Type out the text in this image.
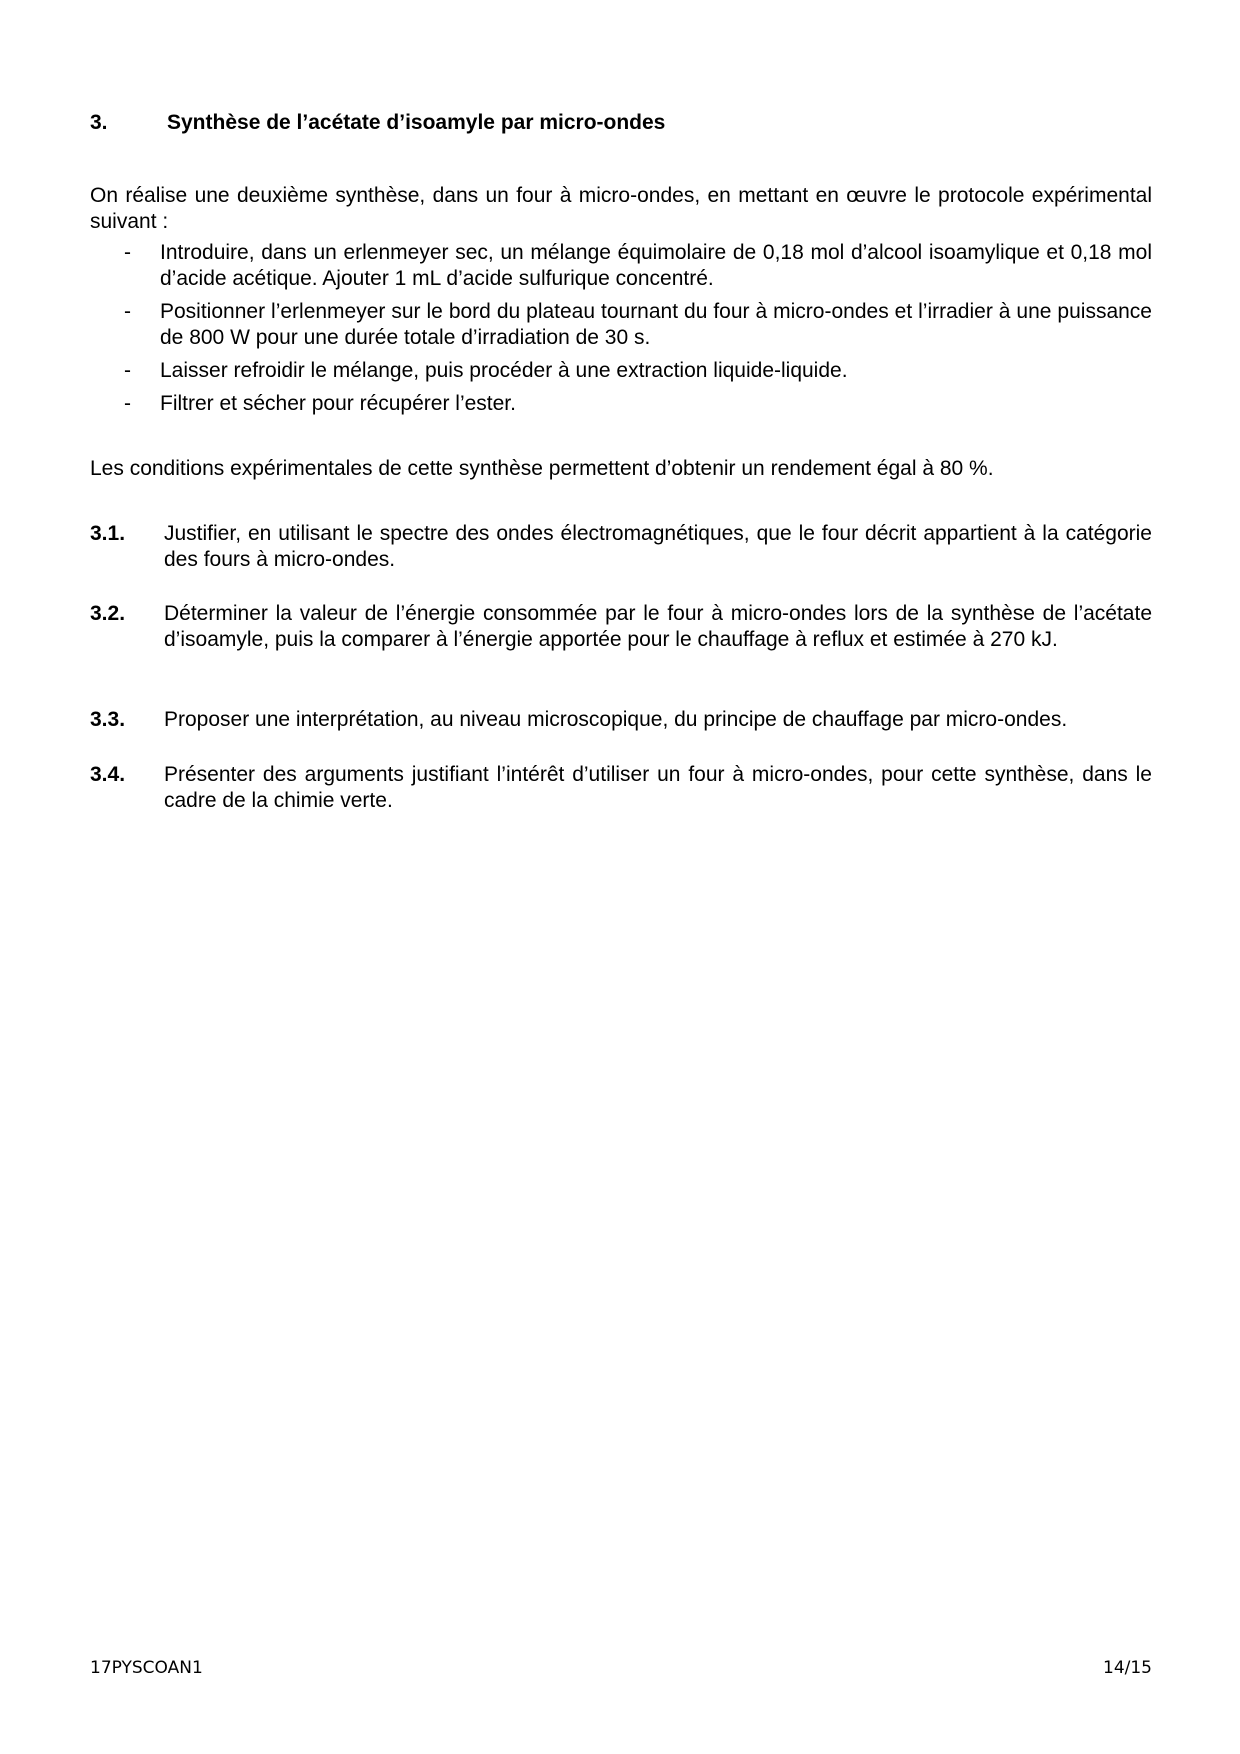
3.	Synthèse de l’acétate d’isoamyle par micro-ondes
On réalise une deuxième synthèse, dans un four à micro-ondes, en mettant en œuvre le protocole expérimental suivant :
-	Introduire, dans un erlenmeyer sec, un mélange équimolaire de 0,18 mol d’alcool isoamylique et 0,18 mol d’acide acétique. Ajouter 1 mL d’acide sulfurique concentré.
-	Positionner l’erlenmeyer sur le bord du plateau tournant du four à micro-ondes et l’irradier à une puissance de 800 W pour une durée totale d’irradiation de 30 s.
-	Laisser refroidir le mélange, puis procéder à une extraction liquide-liquide.
-	Filtrer et sécher pour récupérer l’ester.
Les conditions expérimentales de cette synthèse permettent d’obtenir un rendement égal à 80 %.
3.1.	Justifier, en utilisant le spectre des ondes électromagnétiques, que le four décrit appartient à la catégorie des fours à micro-ondes.
3.2.	Déterminer la valeur de l’énergie consommée par le four à micro-ondes lors de la synthèse de l’acétate d’isoamyle, puis la comparer à l’énergie apportée pour le chauffage à reflux et estimée à 270 kJ.
3.3.	Proposer une interprétation, au niveau microscopique, du principe de chauffage par micro-ondes.
3.4.	Présenter des arguments justifiant l’intérêt d’utiliser un four à micro-ondes, pour cette synthèse, dans le cadre de la chimie verte.
17PYSCOAN1	14/15
